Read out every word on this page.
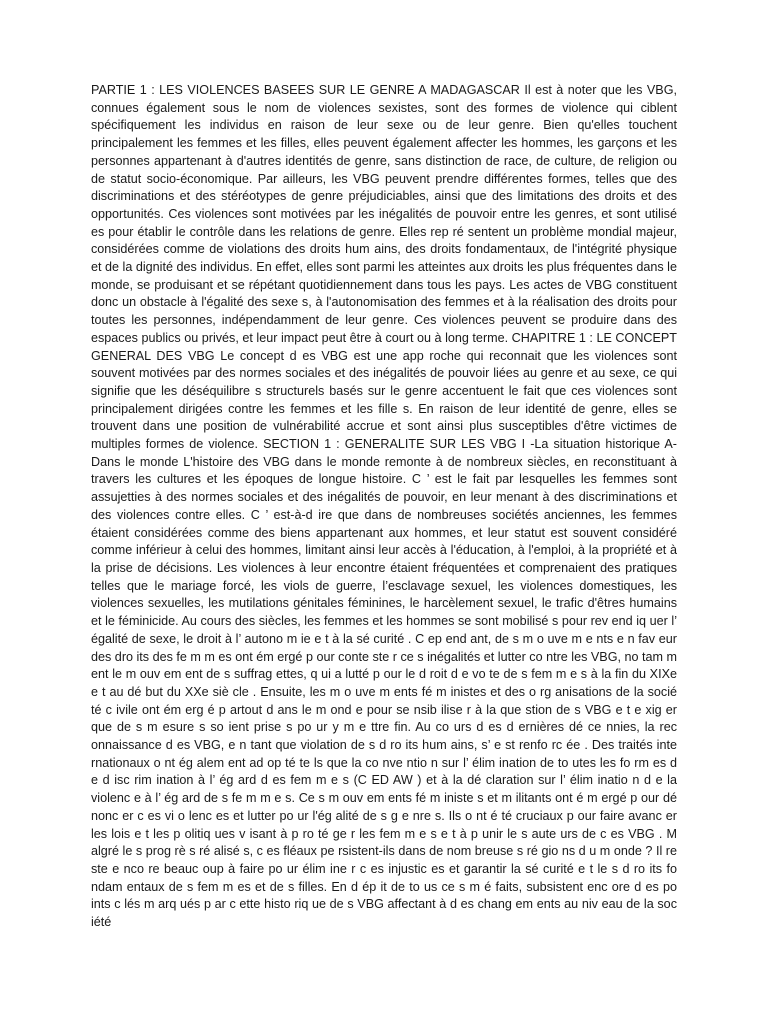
PARTIE 1 : LES VIOLENCES BASEES SUR LE GENRE A MADAGASCAR Il est à noter que les VBG, connues également sous le nom de violences sexistes, sont des formes de violence qui ciblent spécifiquement les individus en raison de leur sexe ou de leur genre. Bien qu'elles touchent principalement les femmes et les filles, elles peuvent également affecter les hommes, les garçons et les personnes appartenant à d'autres identités de genre, sans distinction de race, de culture, de religion ou de statut socio-économique. Par ailleurs, les VBG peuvent prendre différentes formes, telles que des discriminations et des stéréotypes de genre préjudiciables, ainsi que des limitations des droits et des opportunités. Ces violences sont motivées par les inégalités de pouvoir entre les genres, et sont utilisé es pour établir le contrôle dans les relations de genre. Elles rep ré sentent un problème mondial majeur, considérées comme de violations des droits hum ains, des droits fondamentaux, de l'intégrité physique et de la dignité des individus. En effet, elles sont parmi les atteintes aux droits les plus fréquentes dans le monde, se produisant et se répétant quotidiennement dans tous les pays. Les actes de VBG constituent donc un obstacle à l'égalité des sexe s, à l'autonomisation des femmes et à la réalisation des droits pour toutes les personnes, indépendamment de leur genre. Ces violences peuvent se produire dans des espaces publics ou privés, et leur impact peut être à court ou à long terme. CHAPITRE 1 : LE CONCEPT GENERAL DES VBG Le concept d es VBG est une app roche qui reconnait que les violences sont souvent motivées par des normes sociales et des inégalités de pouvoir liées au genre et au sexe, ce qui signifie que les déséquilibre s structurels basés sur le genre accentuent le fait que ces violences sont principalement dirigées contre les femmes et les fille s. En raison de leur identité de genre, elles se trouvent dans une position de vulnérabilité accrue et sont ainsi plus susceptibles d'être victimes de multiples formes de violence. SECTION 1 : GENERALITE SUR LES VBG I -La situation historique A-Dans le monde L'histoire des VBG dans le monde remonte à de nombreux siècles, en reconstituant à travers les cultures et les époques de longue histoire. C ’ est le fait par lesquelles les femmes sont assujetties à des normes sociales et des inégalités de pouvoir, en leur menant à des discriminations et des violences contre elles. C ’ est-à-d ire que dans de nombreuses sociétés anciennes, les femmes étaient considérées comme des biens appartenant aux hommes, et leur statut est souvent considéré comme inférieur à celui des hommes, limitant ainsi leur accès à l'éducation, à l'emploi, à la propriété et à la prise de décisions. Les violences à leur encontre étaient fréquentées et comprenaient des pratiques telles que le mariage forcé, les viols de guerre, l’esclavage sexuel, les violences domestiques, les violences sexuelles, les mutilations génitales féminines, le harcèlement sexuel, le trafic d'êtres humains et le féminicide. Au cours des siècles, les femmes et les hommes se sont mobilisé s pour rev end iq uer l’ égalité de sexe, le droit à l’ autono m ie e t à la sé curité . C ep end ant, de s m o uve m e nts e n fav eur des dro its des fe m m es ont ém ergé p our conte ste r ce s inégalités et lutter co ntre les VBG, no tam m ent le m ouv em ent de s suffrag ettes, q ui a lutté p our le d roit d e vo te de s fem m e s à la fin du XIXe e t au dé but du XXe siè cle . Ensuite, les m o uve m ents fé m inistes et des o rg anisations de la socié té c ivile ont ém erg é p artout d ans le m ond e pour se nsib ilise r à la que stion de s VBG e t e xig er que de s m esure s so ient prise s po ur y m e ttre fin. Au co urs d es d ernières dé ce nnies, la rec onnaissance d es VBG, e n tant que violation de s d ro its hum ains, s’ e st renfo rc ée . Des traités inte rnationaux o nt ég alem ent ad op té te ls que la co nve ntio n sur l’ élim ination de to utes les fo rm es d e d isc rim ination à l’ ég ard d es fem m e s (C ED AW ) et à la dé claration sur l’ élim inatio n d e la violenc e à l’ ég ard de s fe m m e s. Ce s m ouv em ents fé m iniste s et m ilitants ont é m ergé p our dé nonc er c es vi o lenc es et lutter po ur l'ég alité de s g e nre s. Ils o nt é té cruciaux p our faire avanc er les lois e t les p olitiq ues v isant à p ro té ge r les fem m e s e t à p unir le s aute urs de c es VBG . M algré le s prog rè s ré alisé s, c es fléaux pe rsistent-ils dans de nom breuse s ré gio ns d u m onde ? Il re ste e nco re beauc oup à faire po ur élim ine r c es injustic es et garantir la sé curité e t le s d ro its fo ndam entaux de s fem m es et de s filles. En d ép it de to us ce s m é faits, subsistent enc ore d es po ints c lés m arq ués p ar c ette histo riq ue de s VBG affectant à d es chang em ents au niv eau de la soc iété
